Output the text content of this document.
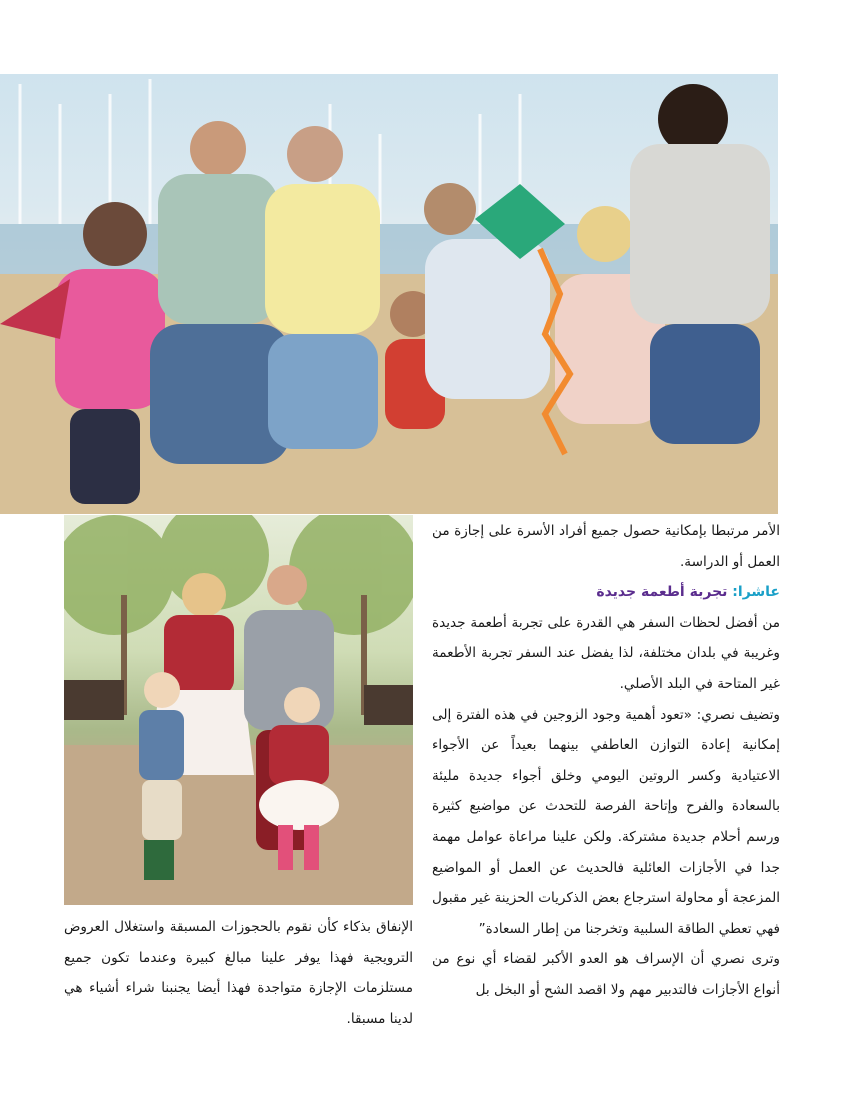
الأمر مرتبطا بإمكانية حصول جميع أفراد الأسرة على إجازة من العمل أو الدراسة.

عاشرا: تجربة أطعمة جديدة

من أفضل لحظات السفر هي القدرة على تجربة أطعمة جديدة وغريبة في بلدان مختلفة، لذا يفضل عند السفر تجربة الأطعمة غير المتاحة في البلد الأصلي.

وتضيف نصري: «تعود أهمية وجود الزوجين في هذه الفترة إلى إمكانية إعادة التوازن العاطفي بينهما بعيداً عن الأجواء الاعتيادية وكسر الروتين اليومي وخلق أجواء جديدة مليئة بالسعادة والفرح وإتاحة الفرصة للتحدث عن مواضيع كثيرة ورسم أحلام جديدة مشتركة. ولكن علينا مراعاة عوامل مهمة جدا في الأجازات العائلية فالحديث عن العمل أو المواضيع المزعجة أو محاولة استرجاع بعض الذكريات الحزينة غير مقبول فهي تعطي الطاقة السلبية وتخرجنا من إطار السعادة”

وترى نصري أن الإسراف هو العدو الأكبر لقضاء أي نوع من أنواع الأجازات فالتدبير مهم ولا اقصد الشح أو البخل بل

الإنفاق بذكاء كأن نقوم بالحجوزات المسبقة واستغلال العروض الترويجية فهذا يوفر علينا مبالغ كبيرة وعندما تكون جميع مستلزمات الإجازة متواجدة فهذا أيضا يجنبنا شراء أشياء هي لدينا مسبقا.
